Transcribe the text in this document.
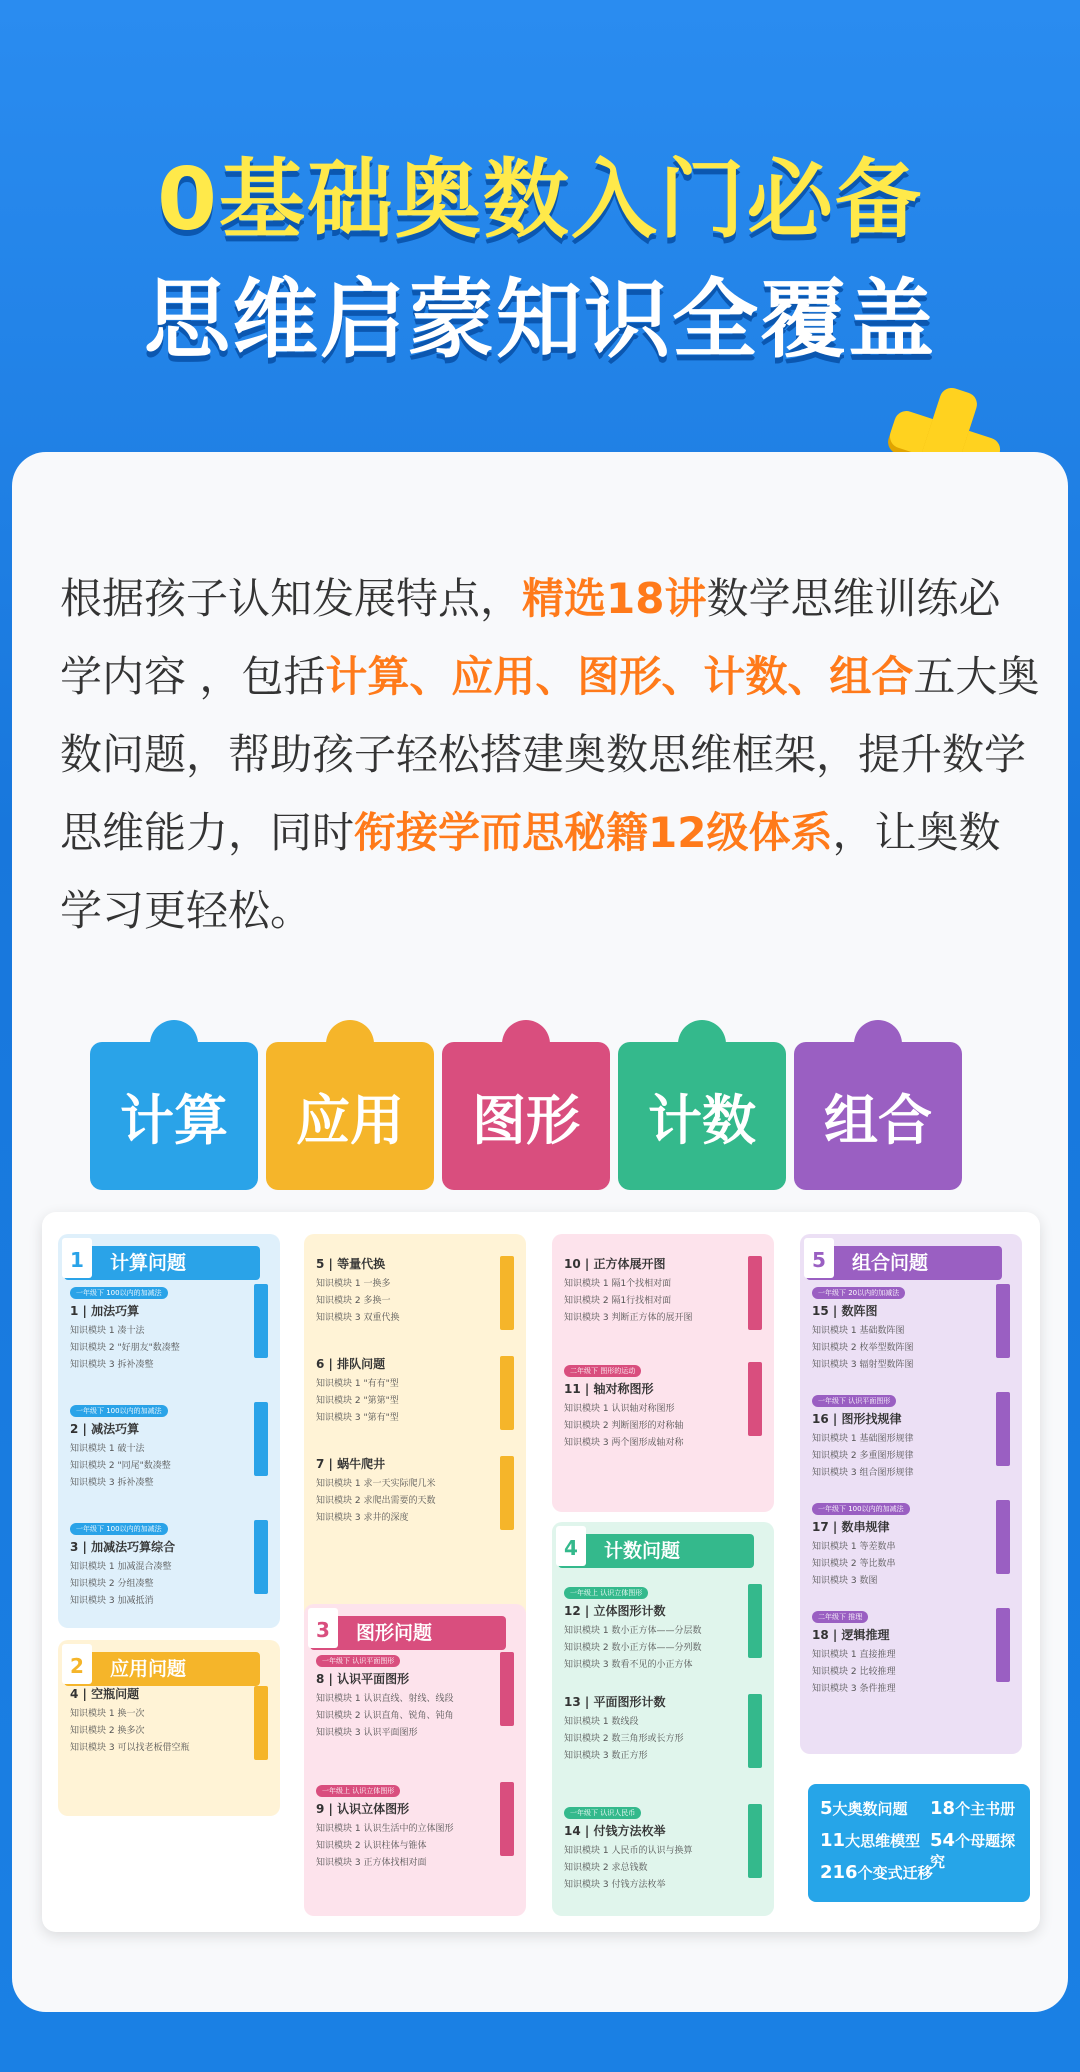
0基础奥数入门必备
思维启蒙知识全覆盖
根据孩子认知发展特点，精选18讲数学思维训练必学内容 ，包括计算、应用、图形、计数、组合五大奥数问题，帮助孩子轻松搭建奥数思维框架，提升数学思维能力，同时衔接学而思秘籍12级体系，让奥数学习更轻松。
计算 应用 图形 计数 组合
1	计算问题
一年级下 100以内的加减法
1 | 加法巧算
知识模块 1 凑十法
知识模块 2 "好朋友"数凑整
知识模块 3 拆补凑整
一年级下 100以内的加减法
2 | 减法巧算
知识模块 1 破十法
知识模块 2 "同尾"数凑整
知识模块 3 拆补凑整
一年级下 100以内的加减法
3 | 加减法巧算综合
知识模块 1 加减混合凑整
知识模块 2 分组凑整
知识模块 3 加减抵消
2	应用问题
4 | 空瓶问题
知识模块 1 换一次
知识模块 2 换多次
知识模块 3 可以找老板借空瓶
5 | 等量代换
知识模块 1 一换多
知识模块 2 多换一
知识模块 3 双重代换
6 | 排队问题
知识模块 1 "有有"型
知识模块 2 "第第"型
知识模块 3 "第有"型
7 | 蜗牛爬井
知识模块 1 求一天实际爬几米
知识模块 2 求爬出需要的天数
知识模块 3 求井的深度
3	图形问题
一年级下 认识平面图形
8 | 认识平面图形
知识模块 1 认识直线、射线、线段
知识模块 2 认识直角、锐角、钝角
知识模块 3 认识平面图形
一年级上 认识立体图形
9 | 认识立体图形
知识模块 1 认识生活中的立体图形
知识模块 2 认识柱体与锥体
知识模块 3 正方体找相对面
10 | 正方体展开图
知识模块 1 隔1个找相对面
知识模块 2 隔1行找相对面
知识模块 3 判断正方体的展开图
二年级下 图形的运动
11 | 轴对称图形
知识模块 1 认识轴对称图形
知识模块 2 判断图形的对称轴
知识模块 3 两个图形成轴对称
4	计数问题
一年级上 认识立体图形
12 | 立体图形计数
知识模块 1 数小正方体——分层数
知识模块 2 数小正方体——分列数
知识模块 3 数看不见的小正方体
13 | 平面图形计数
知识模块 1 数线段
知识模块 2 数三角形或长方形
知识模块 3 数正方形
一年级下 认识人民币
14 | 付钱方法枚举
知识模块 1 人民币的认识与换算
知识模块 2 求总钱数
知识模块 3 付钱方法枚举
5	组合问题
一年级下 20以内的加减法
15 | 数阵图
知识模块 1 基础数阵图
知识模块 2 枚举型数阵图
知识模块 3 辐射型数阵图
一年级下 认识平面图形
16 | 图形找规律
知识模块 1 基础图形规律
知识模块 2 多重图形规律
知识模块 3 组合图形规律
一年级下 100以内的加减法
17 | 数串规律
知识模块 1 等差数串
知识模块 2 等比数串
知识模块 3 数图
二年级下 推理
18 | 逻辑推理
知识模块 1 直接推理
知识模块 2 比较推理
知识模块 3 条件推理
5大奥数问题 18个主书册
11大思维模型 54个母题探究
216个变式迁移
